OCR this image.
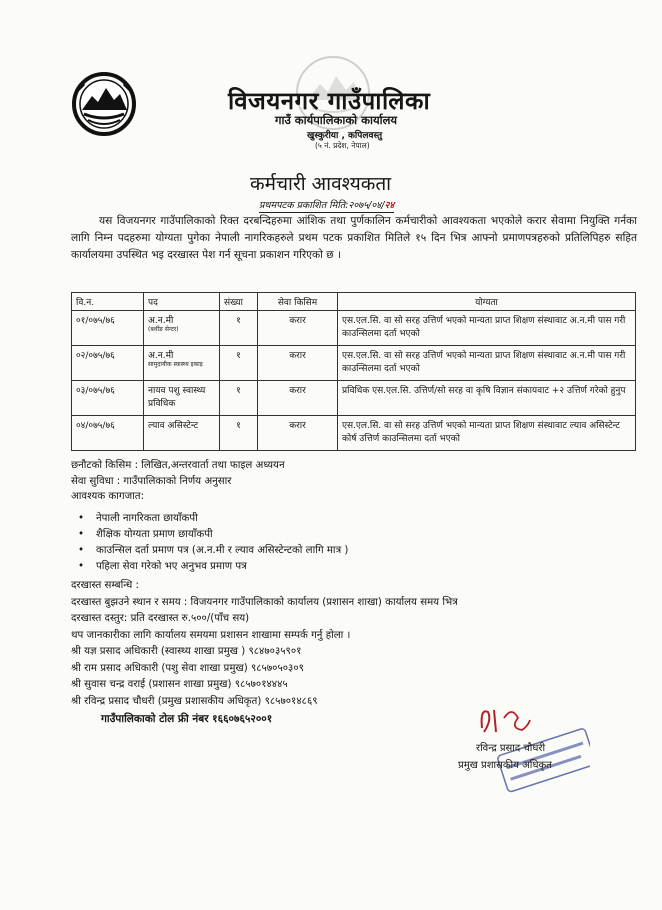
विजयनगर गाउँपालिका
गाउँ कार्यपालिकाको कार्यालय
खुस्कुरीया , कपिलवस्तु
(५ नं. प्रदेश, नेपाल)
कर्मचारी आवश्यकता
प्रथमपटक प्रकाशित मिति:२०७५/०४/२४
यस विजयनगर गाउँपालिकाको रिक्त दरबन्दिहरुमा आंशिक तथा पुर्णकालिन कर्मचारीको आवश्यकता भएकोले करार सेवामा नियुक्ति गर्नका लागि निम्न पदहरुमा योग्यता पुगेका नेपाली नागरिकहरुले प्रथम पटक प्रकाशित मितिले १५ दिन भित्र आफ्नो प्रमाणपत्रहरुको प्रतिलिपिहरु सहित कार्यालयमा उपस्थित भइ दरखास्त पेश गर्न सूचना प्रकाशन गरिएको छ ।
वि.न.	पद	संख्या	सेवा किसिम	योग्यता
०१/०७५/७६	अ.न.मी
(बर्थीङ सेन्टर)	१	करार	एस.एल.सि. वा सो सरह उत्तिर्ण भएको मान्यता प्राप्त शिक्षण संस्थावाट अ.न.मी पास गरी काउन्सिलमा दर्ता भएको
०२/०७५/७६	अ.न.मी
सामुदायीक स्वास्थ्य इकाइ	१	करार	एस.एल.सि. वा सो सरह उत्तिर्ण भएको मान्यता प्राप्त शिक्षण संस्थावाट अ.न.मी पास गरी काउन्सिलमा दर्ता भएको
०३/०७५/७६	नायव पशु स्वास्थ्य प्रविधिक	१	करार	प्रविधिक एस.एल.सि. उत्तिर्ण/सो सरह वा कृषि विज्ञान संकायवाट +२ उत्तिर्ण गरेको हुनुप
०४/०७५/७६	ल्याव असिस्टेन्ट	१	करार	एस.एल.सि. वा सो सरह उत्तिर्ण भएको मान्यता प्राप्त शिक्षण संस्थावाट ल्याव असिस्टेन्ट कोर्ष उत्तिर्ण काउन्सिलमा दर्ता भएको
छनौटको किसिम : लिखित,अन्तरवार्ता तथा फाइल अध्ययन
सेवा सुविधा : गाउँपालिकाको निर्णय अनुसार
आवश्यक कागजात:
• नेपाली नागरिकता छायाँकपी
• शैक्षिक योग्यता प्रमाण छायाँकपी
• काउन्सिल दर्ता प्रमाण पत्र (अ.न.मी र ल्याव असिस्टेन्टको लागि मात्र )
• पहिला सेवा गरेको भए अनुभव प्रमाण पत्र
दरखास्त सम्बन्धि :
दरखास्त बुझउने स्थान र समय : विजयनगर गाउँपालिकाको कार्यालय (प्रशासन शाखा) कार्यालय समय भित्र
दरखास्त दस्तुर: प्रति दरखास्त रु.५००/(पाँच सय)
थप जानकारीका लागि कार्यालय समयमा प्रशासन शाखामा सम्पर्क गर्नु होला ।
श्री यज्ञ प्रसाद अधिकारी (स्वास्थ्य शाखा प्रमुख ) ९८४७०३५९०१
श्री राम प्रसाद अधिकारी (पशु सेवा शाखा प्रमुख) ९८५७०५०३०९
श्री सुवास चन्द्र वराई (प्रशासन शाखा प्रमुख) ९८५७०१४४४५
श्री रविन्द्र प्रसाद चौधरी (प्रमुख प्रशासकीय अधिकृत) ९८५७०१४८६९
गाउँपालिकाको टोल फ्री नंबर १६६०७६५२००१
रविन्द्र प्रसाद चौधरी
प्रमुख प्रशासकीय अधिकृत
